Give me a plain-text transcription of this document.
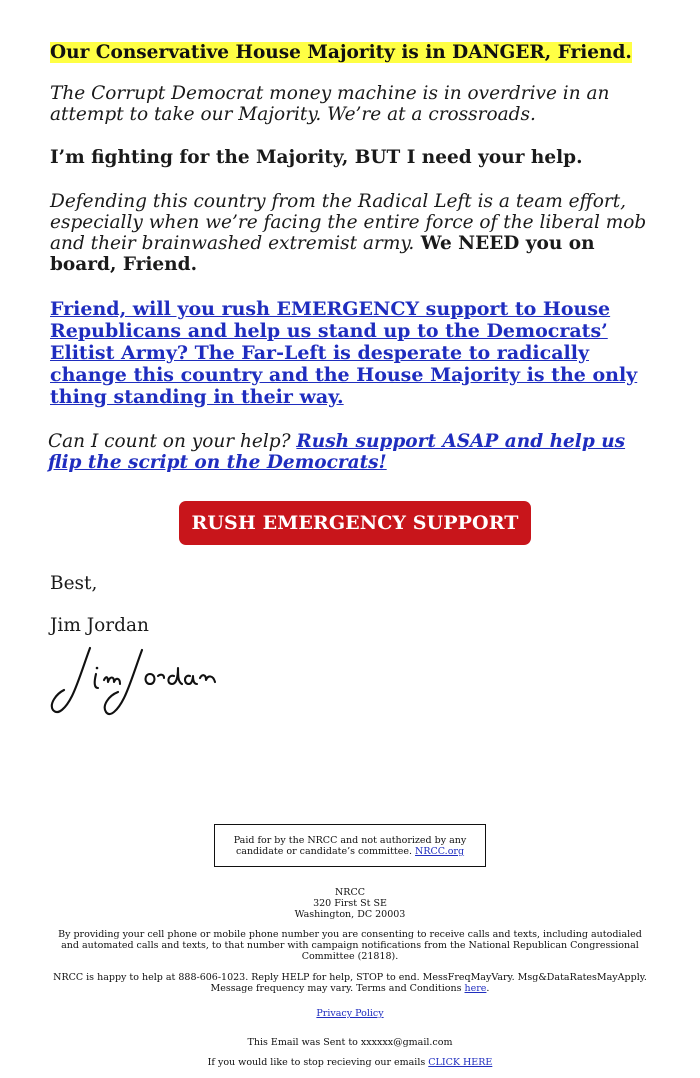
Our Conservative House Majority is in DANGER, Friend.

The Corrupt Democrat money machine is in overdrive in an attempt to take our Majority. We’re at a crossroads.

I’m fighting for the Majority, BUT I need your help.

Defending this country from the Radical Left is a team effort, especially when we’re facing the entire force of the liberal mob and their brainwashed extremist army. We NEED you on board, Friend.

Friend, will you rush EMERGENCY support to House Republicans and help us stand up to the Democrats’ Elitist Army? The Far-Left is desperate to radically change this country and the House Majority is the only thing standing in their way.

Can I count on your help? Rush support ASAP and help us flip the script on the Democrats!

RUSH EMERGENCY SUPPORT

Best,

Jim Jordan

Paid for by the NRCC and not authorized by any candidate or candidate’s committee. NRCC.org
NRCC
320 First St SE
Washington, DC 20003
By providing your cell phone or mobile phone number you are consenting to receive calls and texts, including autodialed and automated calls and texts, to that number with campaign notifications from the National Republican Congressional Committee (21818).
NRCC is happy to help at 888-606-1023. Reply HELP for help, STOP to end. MessFreqMayVary. Msg&DataRatesMayApply. Message frequency may vary. Terms and Conditions here.
Privacy Policy
This Email was Sent to xxxxxx@gmail.com
If you would like to stop recieving our emails CLICK HERE
